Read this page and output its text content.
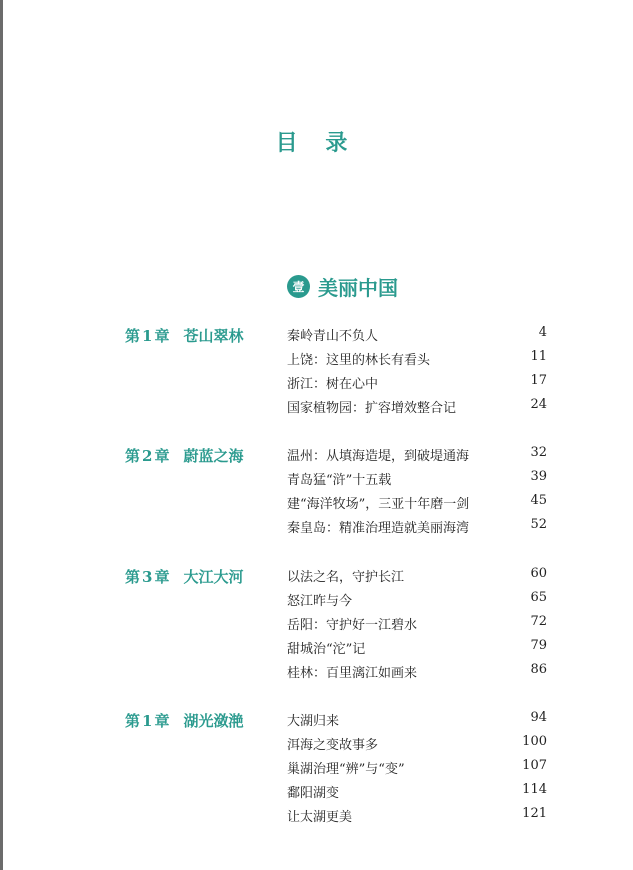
目 录
壹 美丽中国
第 1 章 苍山翠林	秦岭青山不负人	4
上饶：这里的林长有看头	11
浙江：树在心中	17
国家植物园：扩容增效整合记	24
第 2 章 蔚蓝之海	温州：从填海造堤，到破堤通海	32
青岛猛“浒”十五载	39
建“海洋牧场”，三亚十年磨一剑	45
秦皇岛：精准治理造就美丽海湾	52
第 3 章 大江大河	以法之名，守护长江	60
怒江昨与今	65
岳阳：守护好一江碧水	72
甜城治“沱”记	79
桂林：百里漓江如画来	86
第 1 章 湖光潋滟	大湖归来	94
洱海之变故事多	100
巢湖治理“辨”与“变”	107
鄱阳湖变	114
让太湖更美	121
